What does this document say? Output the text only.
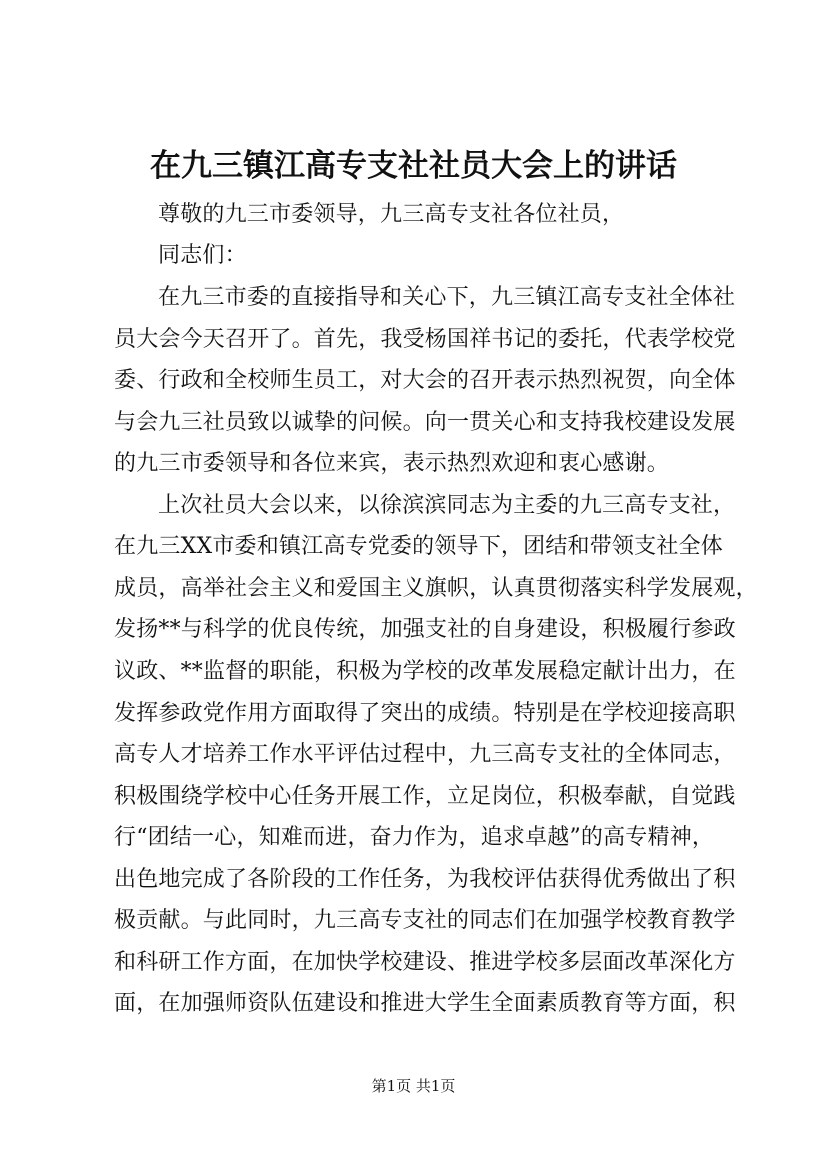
在九三镇江高专支社社员大会上的讲话
尊敬的九三市委领导，九三高专支社各位社员，
同志们：
在九三市委的直接指导和关心下，九三镇江高专支社全体社
员大会今天召开了。首先，我受杨国祥书记的委托，代表学校党
委、行政和全校师生员工，对大会的召开表示热烈祝贺，向全体
与会九三社员致以诚挚的问候。向一贯关心和支持我校建设发展
的九三市委领导和各位来宾，表示热烈欢迎和衷心感谢。
上次社员大会以来，以徐滨滨同志为主委的九三高专支社，
在九三XX市委和镇江高专党委的领导下，团结和带领支社全体
成员，高举社会主义和爱国主义旗帜，认真贯彻落实科学发展观，
发扬**与科学的优良传统，加强支社的自身建设，积极履行参政
议政、**监督的职能，积极为学校的改革发展稳定献计出力，在
发挥参政党作用方面取得了突出的成绩。特别是在学校迎接高职
高专人才培养工作水平评估过程中，九三高专支社的全体同志，
积极围绕学校中心任务开展工作，立足岗位，积极奉献，自觉践
行“团结一心，知难而进，奋力作为，追求卓越”的高专精神，
出色地完成了各阶段的工作任务，为我校评估获得优秀做出了积
极贡献。与此同时，九三高专支社的同志们在加强学校教育教学
和科研工作方面，在加快学校建设、推进学校多层面改革深化方
面，在加强师资队伍建设和推进大学生全面素质教育等方面，积
第1页 共1页
